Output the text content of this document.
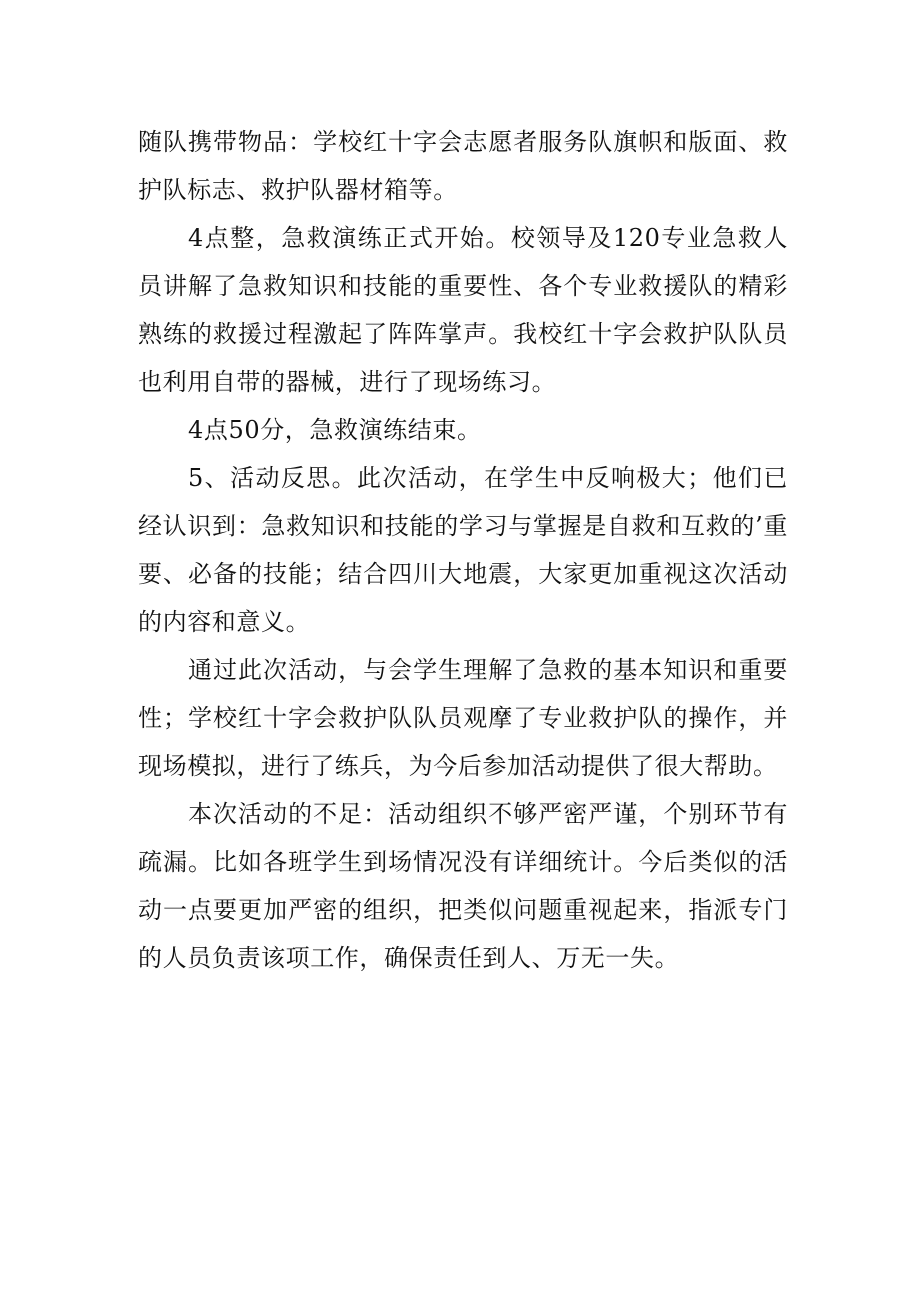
随队携带物品：学校红十字会志愿者服务队旗帜和版面、救护队标志、救护队器材箱等。

4点整，急救演练正式开始。校领导及120专业急救人员讲解了急救知识和技能的重要性、各个专业救援队的精彩熟练的救援过程激起了阵阵掌声。我校红十字会救护队队员也利用自带的器械，进行了现场练习。

4点50分，急救演练结束。

5、活动反思。此次活动，在学生中反响极大；他们已经认识到：急救知识和技能的学习与掌握是自救和互救的’重要、必备的技能；结合四川大地震，大家更加重视这次活动的内容和意义。

通过此次活动，与会学生理解了急救的基本知识和重要性；学校红十字会救护队队员观摩了专业救护队的操作，并现场模拟，进行了练兵，为今后参加活动提供了很大帮助。

本次活动的不足：活动组织不够严密严谨，个别环节有疏漏。比如各班学生到场情况没有详细统计。今后类似的活动一点要更加严密的组织，把类似问题重视起来，指派专门的人员负责该项工作，确保责任到人、万无一失。
